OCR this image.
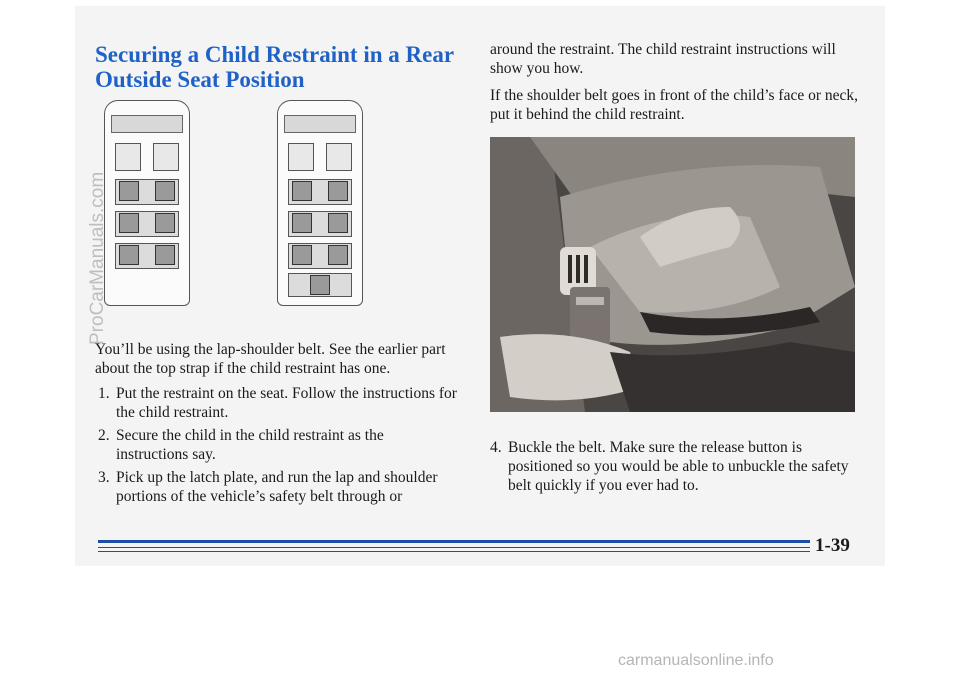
Securing a Child Restraint in a Rear Outside Seat Position

You’ll be using the lap-shoulder belt. See the earlier part about the top strap if the child restraint has one.

1. Put the restraint on the seat. Follow the instructions for the child restraint.
2. Secure the child in the child restraint as the instructions say.
3. Pick up the latch plate, and run the lap and shoulder portions of the vehicle’s safety belt through or

around the restraint. The child restraint instructions will show you how.

If the shoulder belt goes in front of the child’s face or neck, put it behind the child restraint.

4. Buckle the belt. Make sure the release button is positioned so you would be able to unbuckle the safety belt quickly if you ever had to.

1-39

ProCarManuals.com
carmanualsonline.info
